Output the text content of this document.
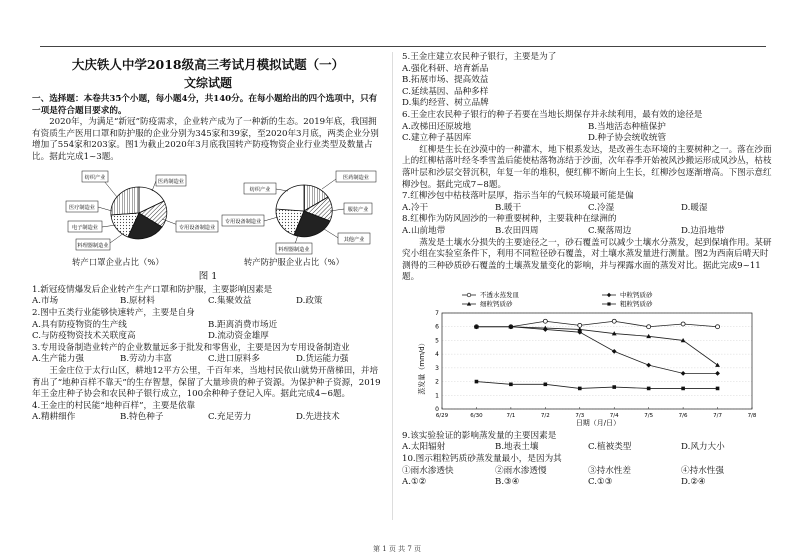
大庆铁人中学2018级高三考试月模拟试题（一）
文综试题

一、选择题：本卷共35个小题，每小题4分，共140分。在每小题给出的四个选项中，只有一项是符合题目要求的。

2020年，为满足“新冠”防疫需求，企业转产成为了一种新的生态。2019年底，我国拥有资质生产医用口罩和防护服的企业分别为345家和39家，至2020年3月底，两类企业分别增加了554家和203家。图1为截止2020年3月底我国转产防疫物资企业行业类型及数量占比。据此完成1~3题。

纺织产业
医药制造业
医疗制造业
专用设备制造业
电子制造业
料理器制造业
医药制造业
纺织产业
专用设备制造业
服装产业
料理器制造业
其他产业
转产口罩企业占比（%）	转产防护服企业占比（%）
图 1

1.新冠疫情爆发后企业转产生产口罩和防护服，主要影响因素是

A.市场	B.原材料	C.集聚效益	D.政策

2.图中五类行业能够快速转产，主要是自身

A.具有防疫物资的生产线	B.距离消费市场近
C.与防疫物资技术关联度高	D.流动资金雄厚

3.专用设备制造业转产的企业数量远多于批发和零售业，主要是因为专用设备制造业

A.生产能力强	B.劳动力丰富	C.进口原料多	D.货运能力强

王金庄位于太行山区，耕地12平方公里，千百年来，当地村民依山就势开凿梯田，并培育出了“地种百样不靠天”的生存智慧，保留了大量珍贵的种子资源。为保护种子资源，2019年王金庄种子协会和农民种子银行成立，100余种种子登记入库。据此完成4~6题。

4.王金庄的村民能“地种百样”，主要是依靠

A.精耕细作	B.特色种子	C.充足劳力	D.先进技术

5.王金庄建立农民种子银行，主要是为了

A.强化科研、培育新品
B.拓展市场、提高效益
C.延续基因、品种多样
D.集约经营、树立品牌

6.王金庄农民种子银行的种子若要在当地长期保存并永续利用，最有效的途径是

A.改梯田还原坡地	B.当地活态种植保护
C.建立种子基因库	D.种子协会统收统管

红柳是生长在沙漠中的一种灌木，地下根系发达，是改善生态环境的主要树种之一。落在沙面上的红柳枯落叶经冬季雪盖后能使枯落物冻结于沙面，次年春季开始被风沙搬运形成风沙丛，枯枝落叶层和沙层交替沉积，年复一年的堆积，便红柳不断向上生长，红柳沙包逐渐增高。下图示意红柳沙包。据此完成7~8题。

7.红柳沙包中枯枝落叶层厚，指示当年的气候环境最可能是偏

A.冷干	B.暖干	C.冷湿	D.暖湿

8.红柳作为防风固沙的一种重要树种，主要栽种在绿洲的

A.山前地带	B.农田四周	C.聚落周边	D.边沿地带

蒸发是土壤水分损失的主要途径之一，砂石覆盖可以减少土壤水分蒸发，起到保墒作用。某研究小组在实验室条件下，利用不同粒径砂石覆盖，对土壤水蒸发量进行测量。图2为西南后晴天时测得的三种砂质砂石覆盖的土壤蒸发量变化的影响，并与裸露水面的蒸发对比。据此完成9~11题。

0
1
2
3
4
5
6
7
6/29	6/30	7/1	7/2	7/3	7/4	7/5	7/6	7/7	7/8
不透水蒸发皿
细粒钙质砂
中粒钙质砂
粗粒钙质砂
蒸发量（mm/d）
日期（月/日）

9.该实验验证的影响蒸发量的主要因素是

A.太阳辐射	B.地表土壤	C.植被类型	D.风力大小

10.图示粗粒钙质砂蒸发量最小，是因为其

①雨水渗透快	②雨水渗透慢	③持水性差	④持水性强
A.①②	B.③④	C.①③	D.②④
第 1 页 共 7 页
